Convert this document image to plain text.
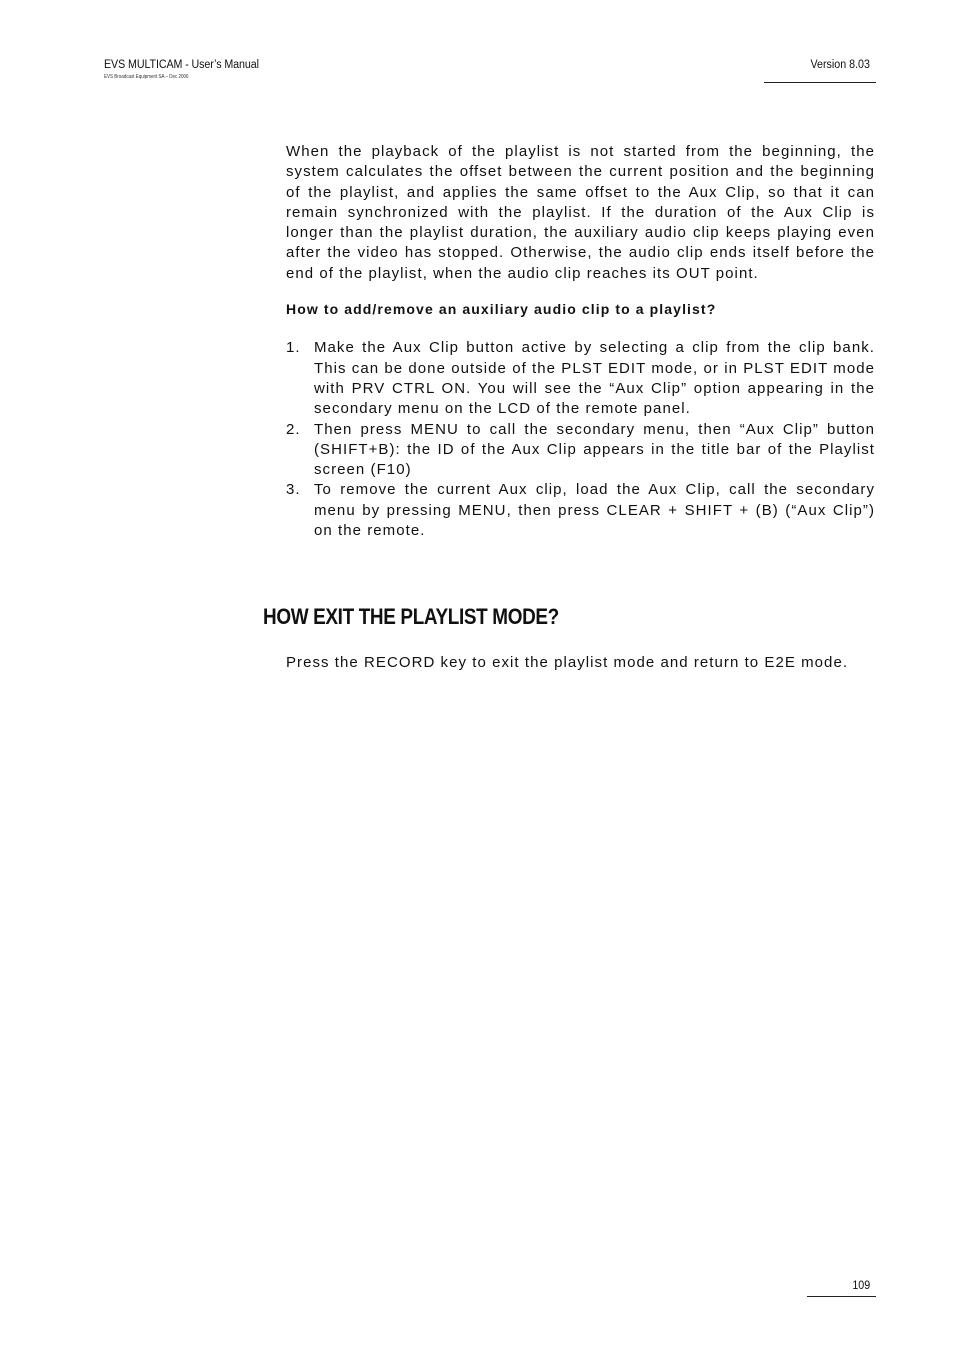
EVS MULTICAM - User’s Manual
EVS Broadcast Equipment SA – Dec 2006
Version 8.03

When the playback of the playlist is not started from the beginning, the system calculates the offset between the current position and the beginning of the playlist, and applies the same offset to the Aux Clip, so that it can remain synchronized with the playlist. If the duration of the Aux Clip is longer than the playlist duration, the auxiliary audio clip keeps playing even after the video has stopped. Otherwise, the audio clip ends itself before the end of the playlist, when the audio clip reaches its OUT point.

How to add/remove an auxiliary audio clip to a playlist?

1. Make the Aux Clip button active by selecting a clip from the clip bank. This can be done outside of the PLST EDIT mode, or in PLST EDIT mode with PRV CTRL ON. You will see the “Aux Clip” option appearing in the secondary menu on the LCD of the remote panel.
2. Then press MENU to call the secondary menu, then “Aux Clip” button (SHIFT+B): the ID of the Aux Clip appears in the title bar of the Playlist screen (F10)
3. To remove the current Aux clip, load the Aux Clip, call the secondary menu by pressing MENU, then press CLEAR + SHIFT + (B) (“Aux Clip”) on the remote.
HOW EXIT THE PLAYLIST MODE?

Press the RECORD key to exit the playlist mode and return to E2E mode.

109
